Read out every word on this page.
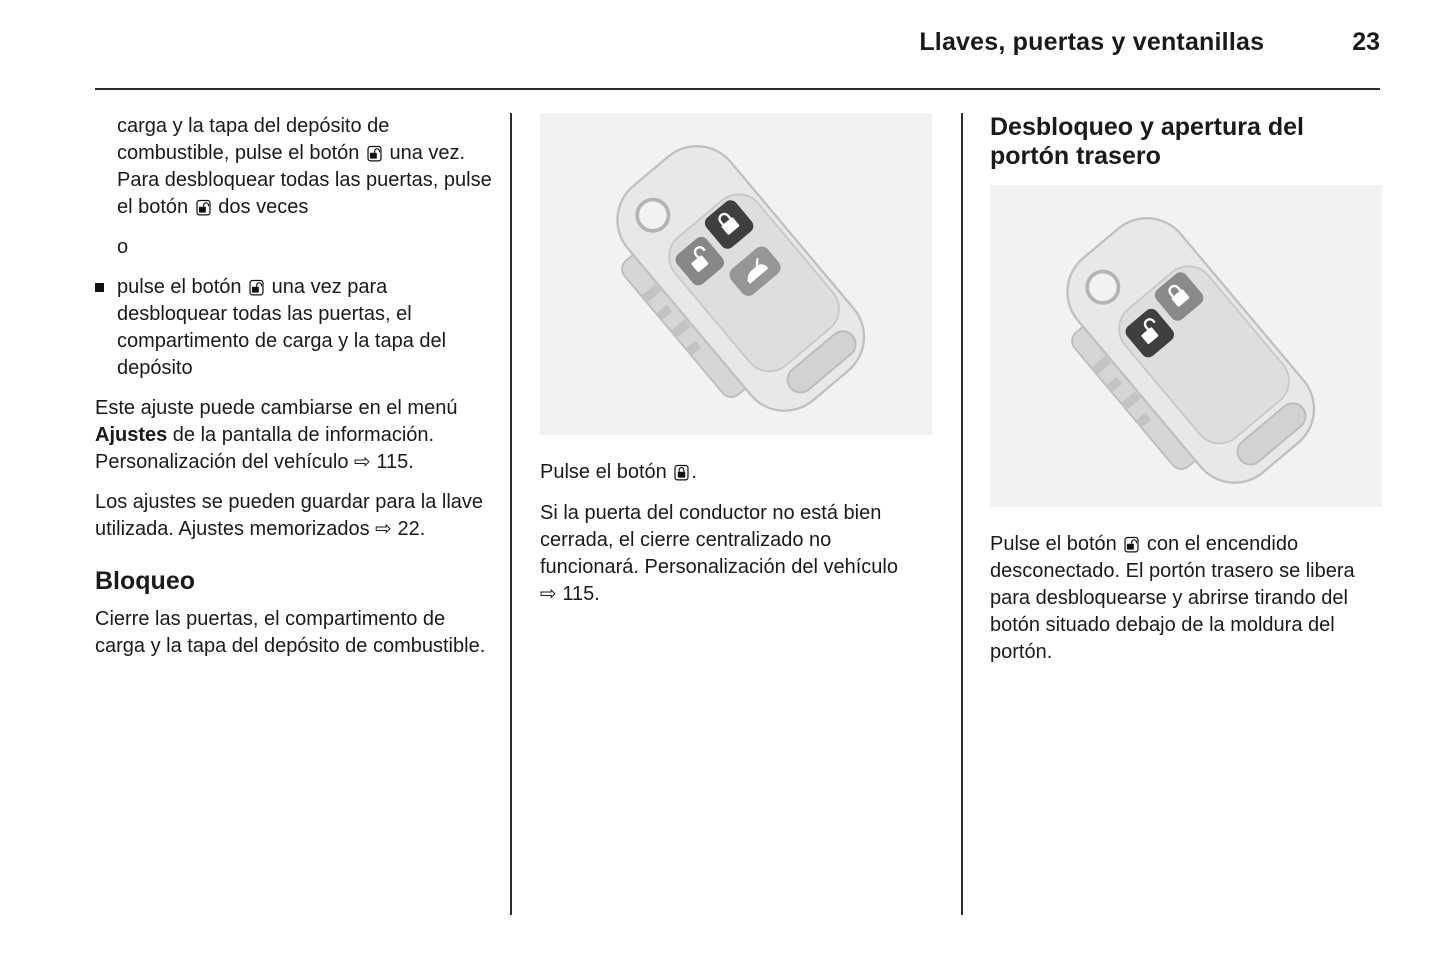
Llaves, puertas y ventanillas	23

carga y la tapa del depósito de combustible, pulse el botón
una vez. Para desbloquear todas las puertas, pulse el botón
dos veces

o

pulse el botón
una vez para desbloquear todas las puertas, el compartimento de carga y la tapa del depósito

Este ajuste puede cambiarse en el menú Ajustes de la pantalla de información. Personalización del vehículo ⇨ 115.

Los ajustes se pueden guardar para la llave utilizada. Ajustes memorizados ⇨ 22.

Bloqueo

Cierre las puertas, el compartimento de carga y la tapa del depósito de combustible.

Pulse el botón
.

Si la puerta del conductor no está bien cerrada, el cierre centralizado no funcionará. Personalización del vehículo ⇨ 115.

Desbloqueo y apertura del portón trasero

Pulse el botón
con el encendido desconectado. El portón trasero se libera para desbloquearse y abrirse tirando del botón situado debajo de la moldura del portón.
